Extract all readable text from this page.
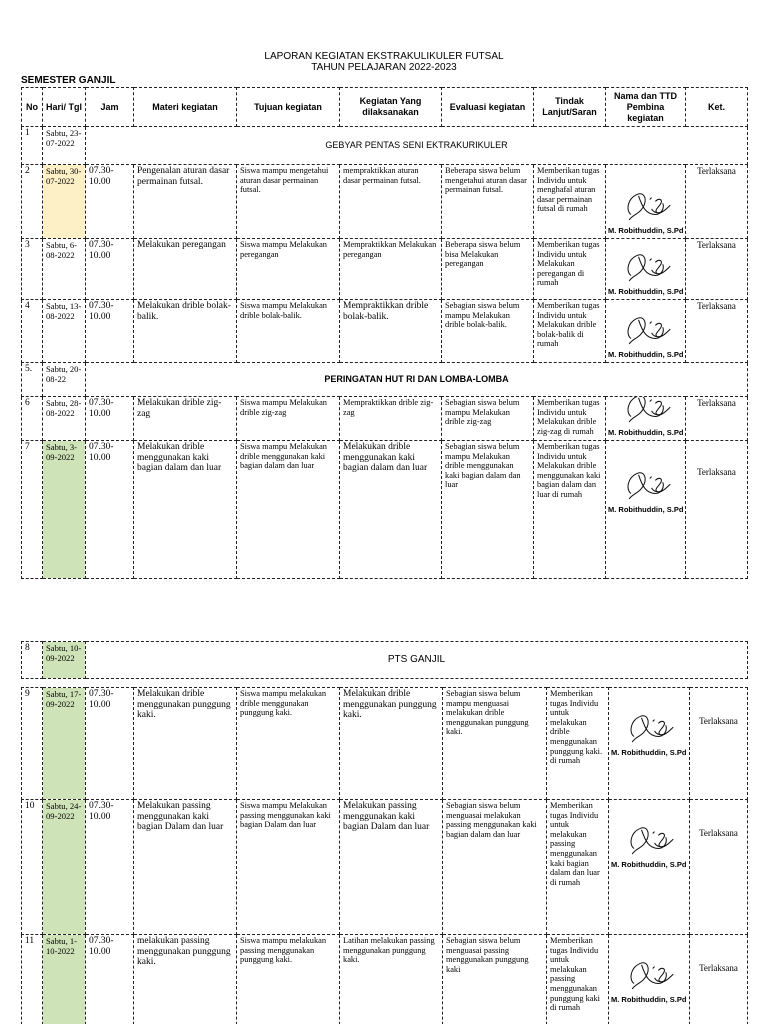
LAPORAN KEGIATAN EKSTRAKULIKULER FUTSAL
TAHUN PELAJARAN 2022-2023
SEMESTER GANJIL
No	Hari/ Tgl	Jam	Materi kegiatan	Tujuan kegiatan	Kegiatan Yang dilaksanakan	Evaluasi kegiatan	Tindak Lanjut/Saran	Nama dan TTD Pembina kegiatan	Ket.
1	Sabtu, 23-07-2022	GEBYAR PENTAS SENI EKTRAKURIKULER							
2	Sabtu, 30-07-2022	07.30-10.00	Pengenalan aturan dasar permainan futsal.	Siswa mampu mengetahui aturan dasar permainan futsal.	mempraktikkan aturan dasar permainan futsal.	Beberapa siswa belum mengetahui aturan dasar permainan futsal.	Memberikan tugas Individu untuk menghafal aturan dasar permainan futsal di rumah	M. Robithuddin, S.Pd	Terlaksana
3	Sabtu, 6-08-2022	07.30-10.00	Melakukan peregangan	Siswa mampu Melakukan peregangan	Mempraktikkan Melakukan peregangan	Beberapa siswa belum bisa Melakukan peregangan	Memberikan tugas Individu untuk Melakukan peregangan di rumah	M. Robithuddin, S.Pd	Terlaksana
4	Sabtu, 13-08-2022	07.30-10.00	Melakukan drible bolak-balik.	Siswa mampu Melakukan drible bolak-balik.	Mempraktikkan drible bolak-balik.	Sebagian siswa belum mampu Melakukan drible bolak-balik.	Memberikan tugas Individu untuk Melakukan drible bolak-balik di rumah	M. Robithuddin, S.Pd	Terlaksana
5.	Sabtu, 20-08-22	PERINGATAN HUT RI DAN LOMBA-LOMBA							
6	Sabtu, 28-08-2022	07.30-10.00	Melakukan drible zig-zag	Siswa mampu Melakukan drible zig-zag	Mempraktikkan drible zig-zag	Sebagian siswa belum mampu Melakukan drible zig-zag	Memberikan tugas Individu untuk Melakukan drible zig-zag di rumah	M. Robithuddin, S.Pd	Terlaksana
7	Sabtu, 3-09-2022	07.30-10.00	Melakukan drible menggunakan kaki bagian dalam dan luar	Siswa mampu Melakukan drible menggunakan kaki bagian dalam dan luar	Melakukan drible menggunakan kaki bagian dalam dan luar	Sebagian siswa belum mampu Melakukan drible menggunakan kaki bagian dalam dan luar	Memberikan tugas Individu untuk Melakukan drible menggunakan kaki bagian dalam dan luar di rumah	M. Robithuddin, S.Pd	Terlaksana
8	Sabtu, 10-09-2022	PTS GANJIL
9	Sabtu, 17-09-2022	07.30-10.00	Melakukan drible menggunakan punggung kaki.	Siswa mampu melakukan drible menggunakan punggung kaki.	Melakukan drible menggunakan punggung kaki.	Sebagian siswa belum mampu menguasai melakukan drible menggunakan punggung kaki.	Memberikan tugas Individu untuk melakukan drible menggunakan punggung kaki. di rumah	M. Robithuddin, S.Pd	Terlaksana
10	Sabtu, 24-09-2022	07.30-10.00	Melakukan passing menggunakan kaki bagian Dalam dan luar	Siswa mampu Melakukan passing menggunakan kaki bagian Dalam dan luar	Melakukan passing menggunakan kaki bagian Dalam dan luar	Sebagian siswa belum menguasai melakukan passing menggunakan kaki bagian dalam dan luar	Memberikan tugas Individu untuk melakukan passing menggunakan kaki bagian dalam dan luar di rumah	M. Robithuddin, S.Pd	Terlaksana
11	Sabtu, 1-10-2022	07.30-10.00	melakukan passing menggunakan punggung kaki.	Siswa mampu melakukan passing menggunakan punggung kaki.	Latihan melakukan passing menggunakan punggung kaki.	Sebagian siswa belum menguasai passing menggunakan punggung kaki	Memberikan tugas Individu untuk melakukan passing menggunakan punggung kaki di rumah	M. Robithuddin, S.Pd	Terlaksana
